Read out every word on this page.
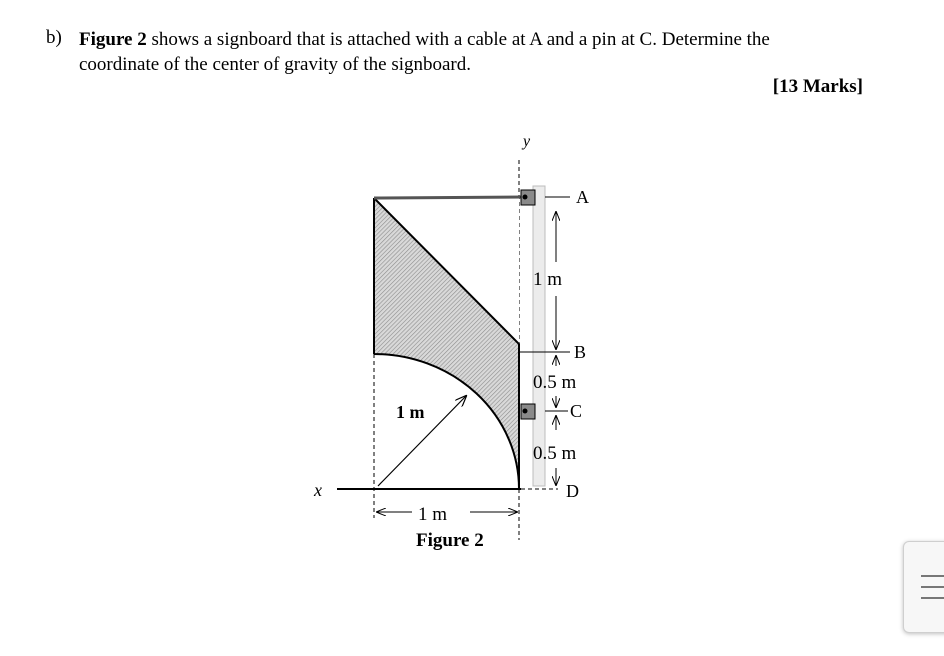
b) Figure 2 shows a signboard that is attached with a cable at A and a pin at C. Determine the
coordinate of the center of gravity of the signboard.
[13 Marks]
y
x
A
B
C
D
1 m
0.5 m
0.5 m
1 m
1 m
Figure 2
